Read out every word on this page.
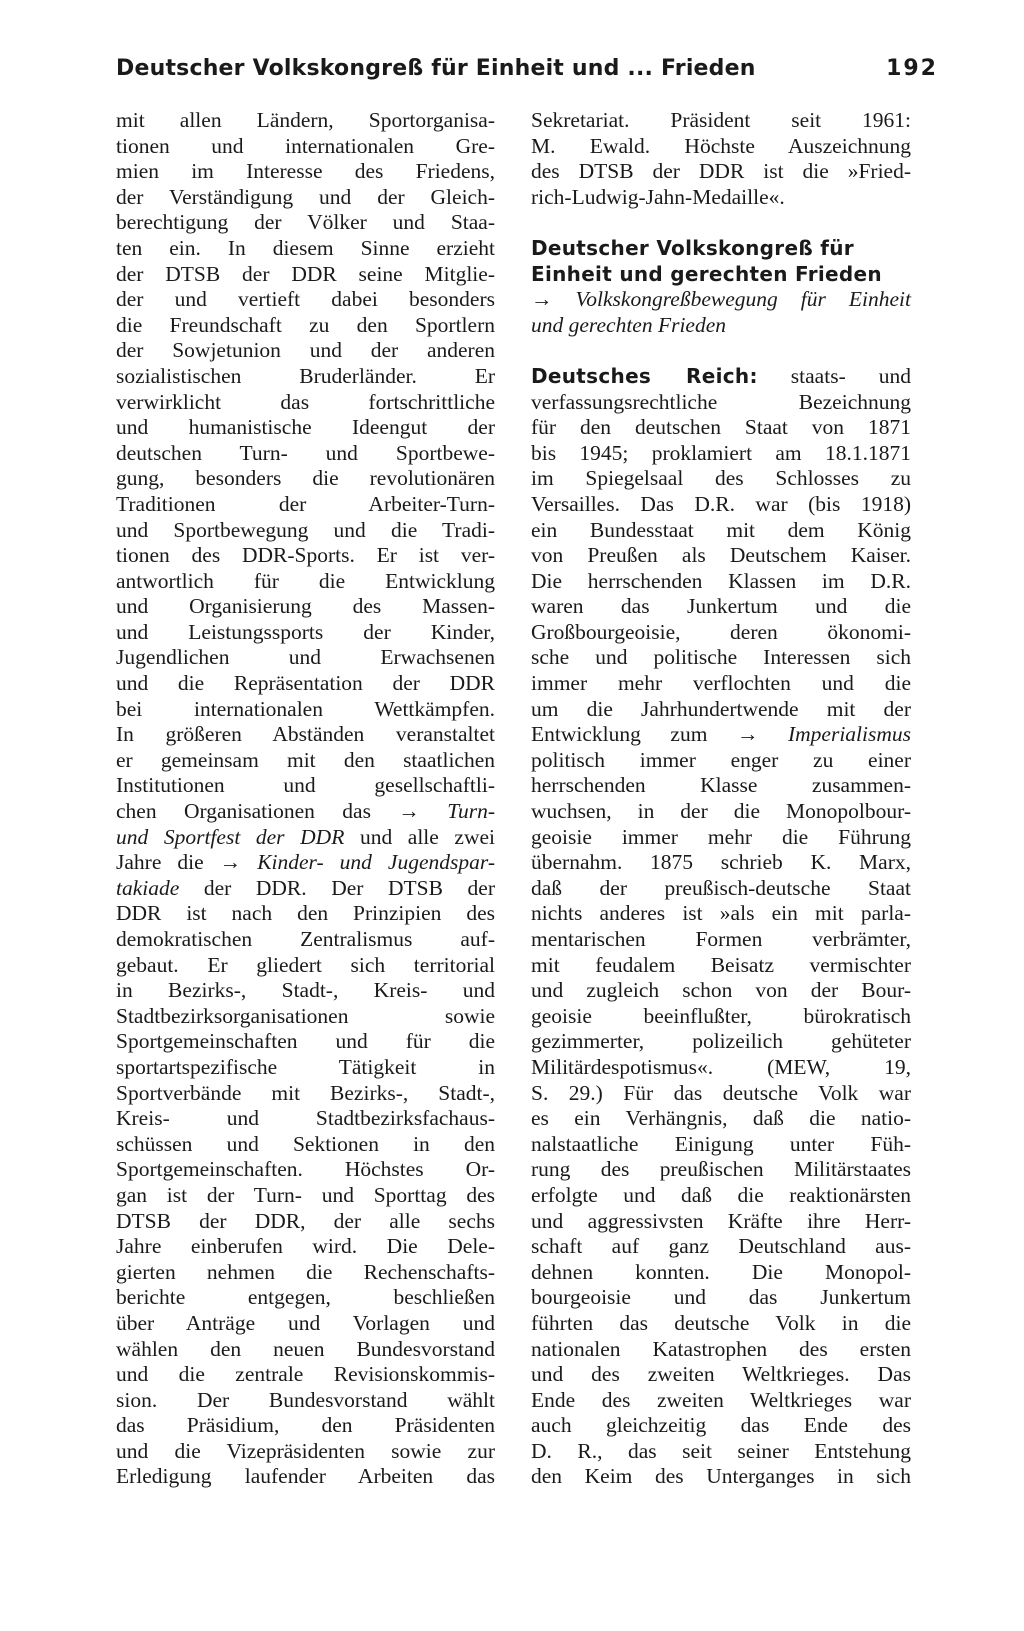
Deutscher Volkskongreß für Einheit und ... Frieden	192
mit allen Ländern, Sportorganisa-
tionen und internationalen Gre-
mien im Interesse des Friedens,
der Verständigung und der Gleich-
berechtigung der Völker und Staa-
ten ein. In diesem Sinne erzieht
der DTSB der DDR seine Mitglie-
der und vertieft dabei besonders
die Freundschaft zu den Sportlern
der Sowjetunion und der anderen
sozialistischen Bruderländer. Er
verwirklicht das fortschrittliche
und humanistische Ideengut der
deutschen Turn- und Sportbewe-
gung, besonders die revolutionären
Traditionen der Arbeiter-Turn-
und Sportbewegung und die Tradi-
tionen des DDR-Sports. Er ist ver-
antwortlich für die Entwicklung
und Organisierung des Massen-
und Leistungssports der Kinder,
Jugendlichen und Erwachsenen
und die Repräsentation der DDR
bei internationalen Wettkämpfen.
In größeren Abständen veranstaltet
er gemeinsam mit den staatlichen
Institutionen und gesellschaftli-
chen Organisationen das → Turn-
und Sportfest der DDR und alle zwei
Jahre die → Kinder- und Jugendspar-
takiade der DDR. Der DTSB der
DDR ist nach den Prinzipien des
demokratischen Zentralismus auf-
gebaut. Er gliedert sich territorial
in Bezirks-, Stadt-, Kreis- und
Stadtbezirksorganisationen sowie
Sportgemeinschaften und für die
sportartspezifische Tätigkeit in
Sportverbände mit Bezirks-, Stadt-,
Kreis- und Stadtbezirksfachaus-
schüssen und Sektionen in den
Sportgemeinschaften. Höchstes Or-
gan ist der Turn- und Sporttag des
DTSB der DDR, der alle sechs
Jahre einberufen wird. Die Dele-
gierten nehmen die Rechenschafts-
berichte entgegen, beschließen
über Anträge und Vorlagen und
wählen den neuen Bundesvorstand
und die zentrale Revisionskommis-
sion. Der Bundesvorstand wählt
das Präsidium, den Präsidenten
und die Vizepräsidenten sowie zur
Erledigung laufender Arbeiten das
Sekretariat. Präsident seit 1961:
M. Ewald. Höchste Auszeichnung
des DTSB der DDR ist die »Fried-
rich-Ludwig-Jahn-Medaille«.
Deutscher Volkskongreß für
Einheit und gerechten Frieden
→ Volkskongreßbewegung für Einheit
und gerechten Frieden
Deutsches Reich: staats- und
verfassungsrechtliche Bezeichnung
für den deutschen Staat von 1871
bis 1945; proklamiert am 18.1.1871
im Spiegelsaal des Schlosses zu
Versailles. Das D.R. war (bis 1918)
ein Bundesstaat mit dem König
von Preußen als Deutschem Kaiser.
Die herrschenden Klassen im D.R.
waren das Junkertum und die
Großbourgeoisie, deren ökonomi-
sche und politische Interessen sich
immer mehr verflochten und die
um die Jahrhundertwende mit der
Entwicklung zum → Imperialismus
politisch immer enger zu einer
herrschenden Klasse zusammen-
wuchsen, in der die Monopolbour-
geoisie immer mehr die Führung
übernahm. 1875 schrieb K. Marx,
daß der preußisch-deutsche Staat
nichts anderes ist »als ein mit parla-
mentarischen Formen verbrämter,
mit feudalem Beisatz vermischter
und zugleich schon von der Bour-
geoisie beeinflußter, bürokratisch
gezimmerter, polizeilich gehüteter
Militärdespotismus«. (MEW, 19,
S. 29.) Für das deutsche Volk war
es ein Verhängnis, daß die natio-
nalstaatliche Einigung unter Füh-
rung des preußischen Militärstaates
erfolgte und daß die reaktionärsten
und aggressivsten Kräfte ihre Herr-
schaft auf ganz Deutschland aus-
dehnen konnten. Die Monopol-
bourgeoisie und das Junkertum
führten das deutsche Volk in die
nationalen Katastrophen des ersten
und des zweiten Weltkrieges. Das
Ende des zweiten Weltkrieges war
auch gleichzeitig das Ende des
D. R., das seit seiner Entstehung
den Keim des Unterganges in sich
